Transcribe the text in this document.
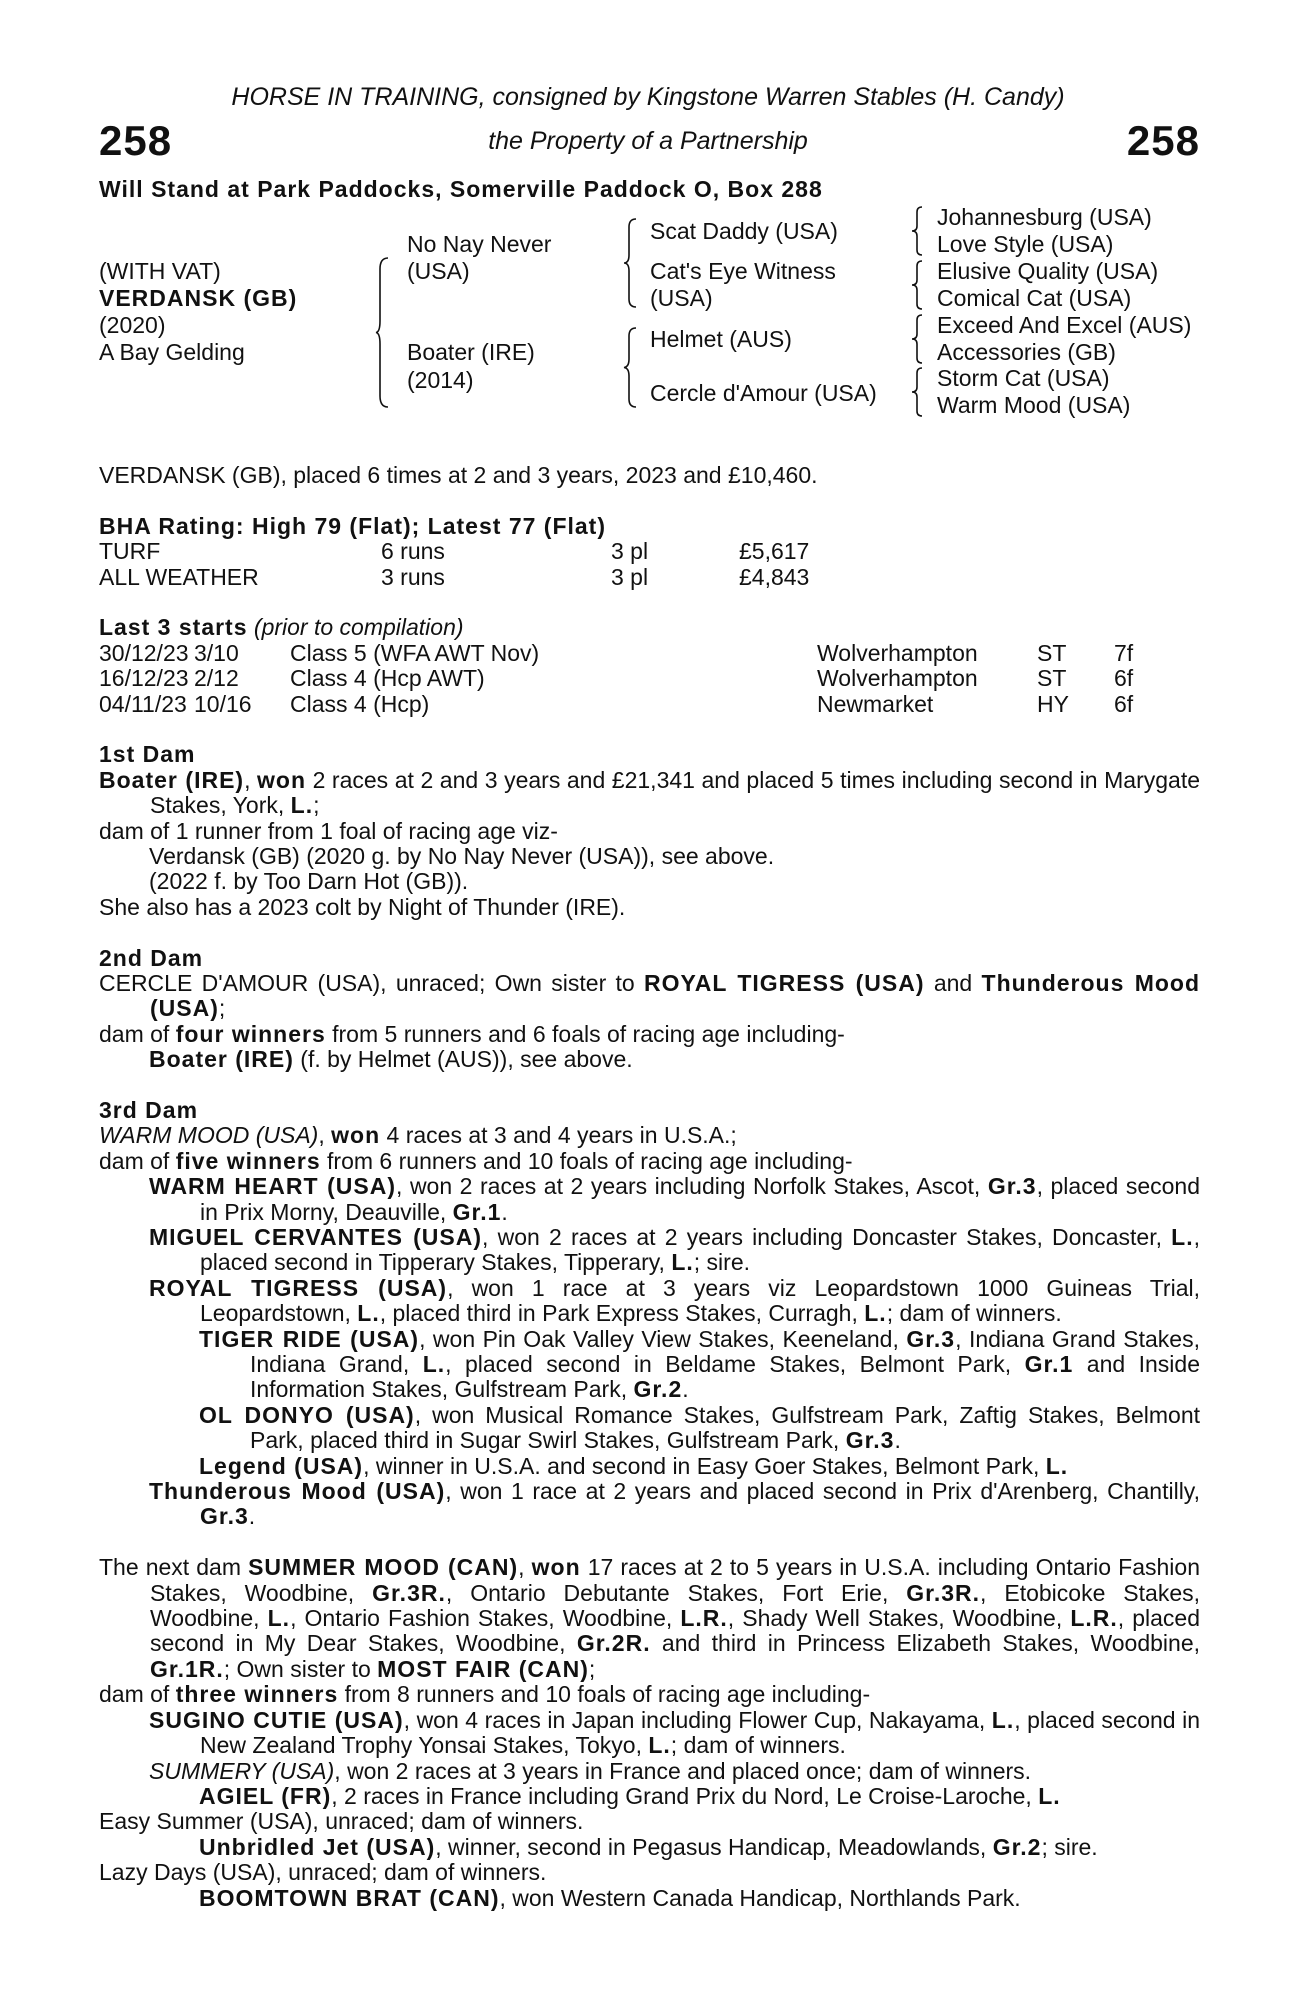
HORSE IN TRAINING, consigned by Kingstone Warren Stables (H. Candy)
the Property of a Partnership
258	258
Will Stand at Park Paddocks, Somerville Paddock O, Box 288
(WITH VAT)
VERDANSK (GB)
(2020)
A Bay Gelding
No Nay Never
(USA)
Boater (IRE)
(2014)
Scat Daddy (USA)
Cat's Eye Witness
(USA)
Helmet (AUS)
Cercle d'Amour (USA)
Johannesburg (USA)
Love Style (USA)
Elusive Quality (USA)
Comical Cat (USA)
Exceed And Excel (AUS)
Accessories (GB)
Storm Cat (USA)
Warm Mood (USA)
VERDANSK (GB), placed 6 times at 2 and 3 years, 2023 and £10,460.
BHA Rating: High 79 (Flat); Latest 77 (Flat)
TURF	6 runs	3 pl	£5,617
ALL WEATHER	3 runs	3 pl	£4,843
Last 3 starts (prior to compilation)
30/12/23 3/10 Class 5 (WFA AWT Nov)	Wolverhampton	ST 7f
16/12/23 2/12 Class 4 (Hcp AWT)	Wolverhampton	ST 6f
04/11/23 10/16 Class 4 (Hcp)	Newmarket	HY 6f
1st Dam
Boater (IRE), won 2 races at 2 and 3 years and £21,341 and placed 5 times including second in Marygate Stakes, York, L.;
dam of 1 runner from 1 foal of racing age viz-
Verdansk (GB) (2020 g. by No Nay Never (USA)), see above.
(2022 f. by Too Darn Hot (GB)).
She also has a 2023 colt by Night of Thunder (IRE).
2nd Dam
CERCLE D'AMOUR (USA), unraced; Own sister to ROYAL TIGRESS (USA) and Thunderous Mood (USA);
dam of four winners from 5 runners and 6 foals of racing age including-
Boater (IRE) (f. by Helmet (AUS)), see above.
3rd Dam
WARM MOOD (USA), won 4 races at 3 and 4 years in U.S.A.;
dam of five winners from 6 runners and 10 foals of racing age including-
WARM HEART (USA), won 2 races at 2 years including Norfolk Stakes, Ascot, Gr.3, placed second in Prix Morny, Deauville, Gr.1.
MIGUEL CERVANTES (USA), won 2 races at 2 years including Doncaster Stakes, Doncaster, L., placed second in Tipperary Stakes, Tipperary, L.; sire.
ROYAL TIGRESS (USA), won 1 race at 3 years viz Leopardstown 1000 Guineas Trial, Leopardstown, L., placed third in Park Express Stakes, Curragh, L.; dam of winners.
TIGER RIDE (USA), won Pin Oak Valley View Stakes, Keeneland, Gr.3, Indiana Grand Stakes, Indiana Grand, L., placed second in Beldame Stakes, Belmont Park, Gr.1 and Inside Information Stakes, Gulfstream Park, Gr.2.
OL DONYO (USA), won Musical Romance Stakes, Gulfstream Park, Zaftig Stakes, Belmont Park, placed third in Sugar Swirl Stakes, Gulfstream Park, Gr.3.
Legend (USA), winner in U.S.A. and second in Easy Goer Stakes, Belmont Park, L.
Thunderous Mood (USA), won 1 race at 2 years and placed second in Prix d'Arenberg, Chantilly, Gr.3.
The next dam SUMMER MOOD (CAN), won 17 races at 2 to 5 years in U.S.A. including Ontario Fashion Stakes, Woodbine, Gr.3R., Ontario Debutante Stakes, Fort Erie, Gr.3R., Etobicoke Stakes, Woodbine, L., Ontario Fashion Stakes, Woodbine, L.R., Shady Well Stakes, Woodbine, L.R., placed second in My Dear Stakes, Woodbine, Gr.2R. and third in Princess Elizabeth Stakes, Woodbine, Gr.1R.; Own sister to MOST FAIR (CAN);
dam of three winners from 8 runners and 10 foals of racing age including-
SUGINO CUTIE (USA), won 4 races in Japan including Flower Cup, Nakayama, L., placed second in New Zealand Trophy Yonsai Stakes, Tokyo, L.; dam of winners.
SUMMERY (USA), won 2 races at 3 years in France and placed once; dam of winners.
AGIEL (FR), 2 races in France including Grand Prix du Nord, Le Croise-Laroche, L.
Easy Summer (USA), unraced; dam of winners.
Unbridled Jet (USA), winner, second in Pegasus Handicap, Meadowlands, Gr.2; sire.
Lazy Days (USA), unraced; dam of winners.
BOOMTOWN BRAT (CAN), won Western Canada Handicap, Northlands Park.
